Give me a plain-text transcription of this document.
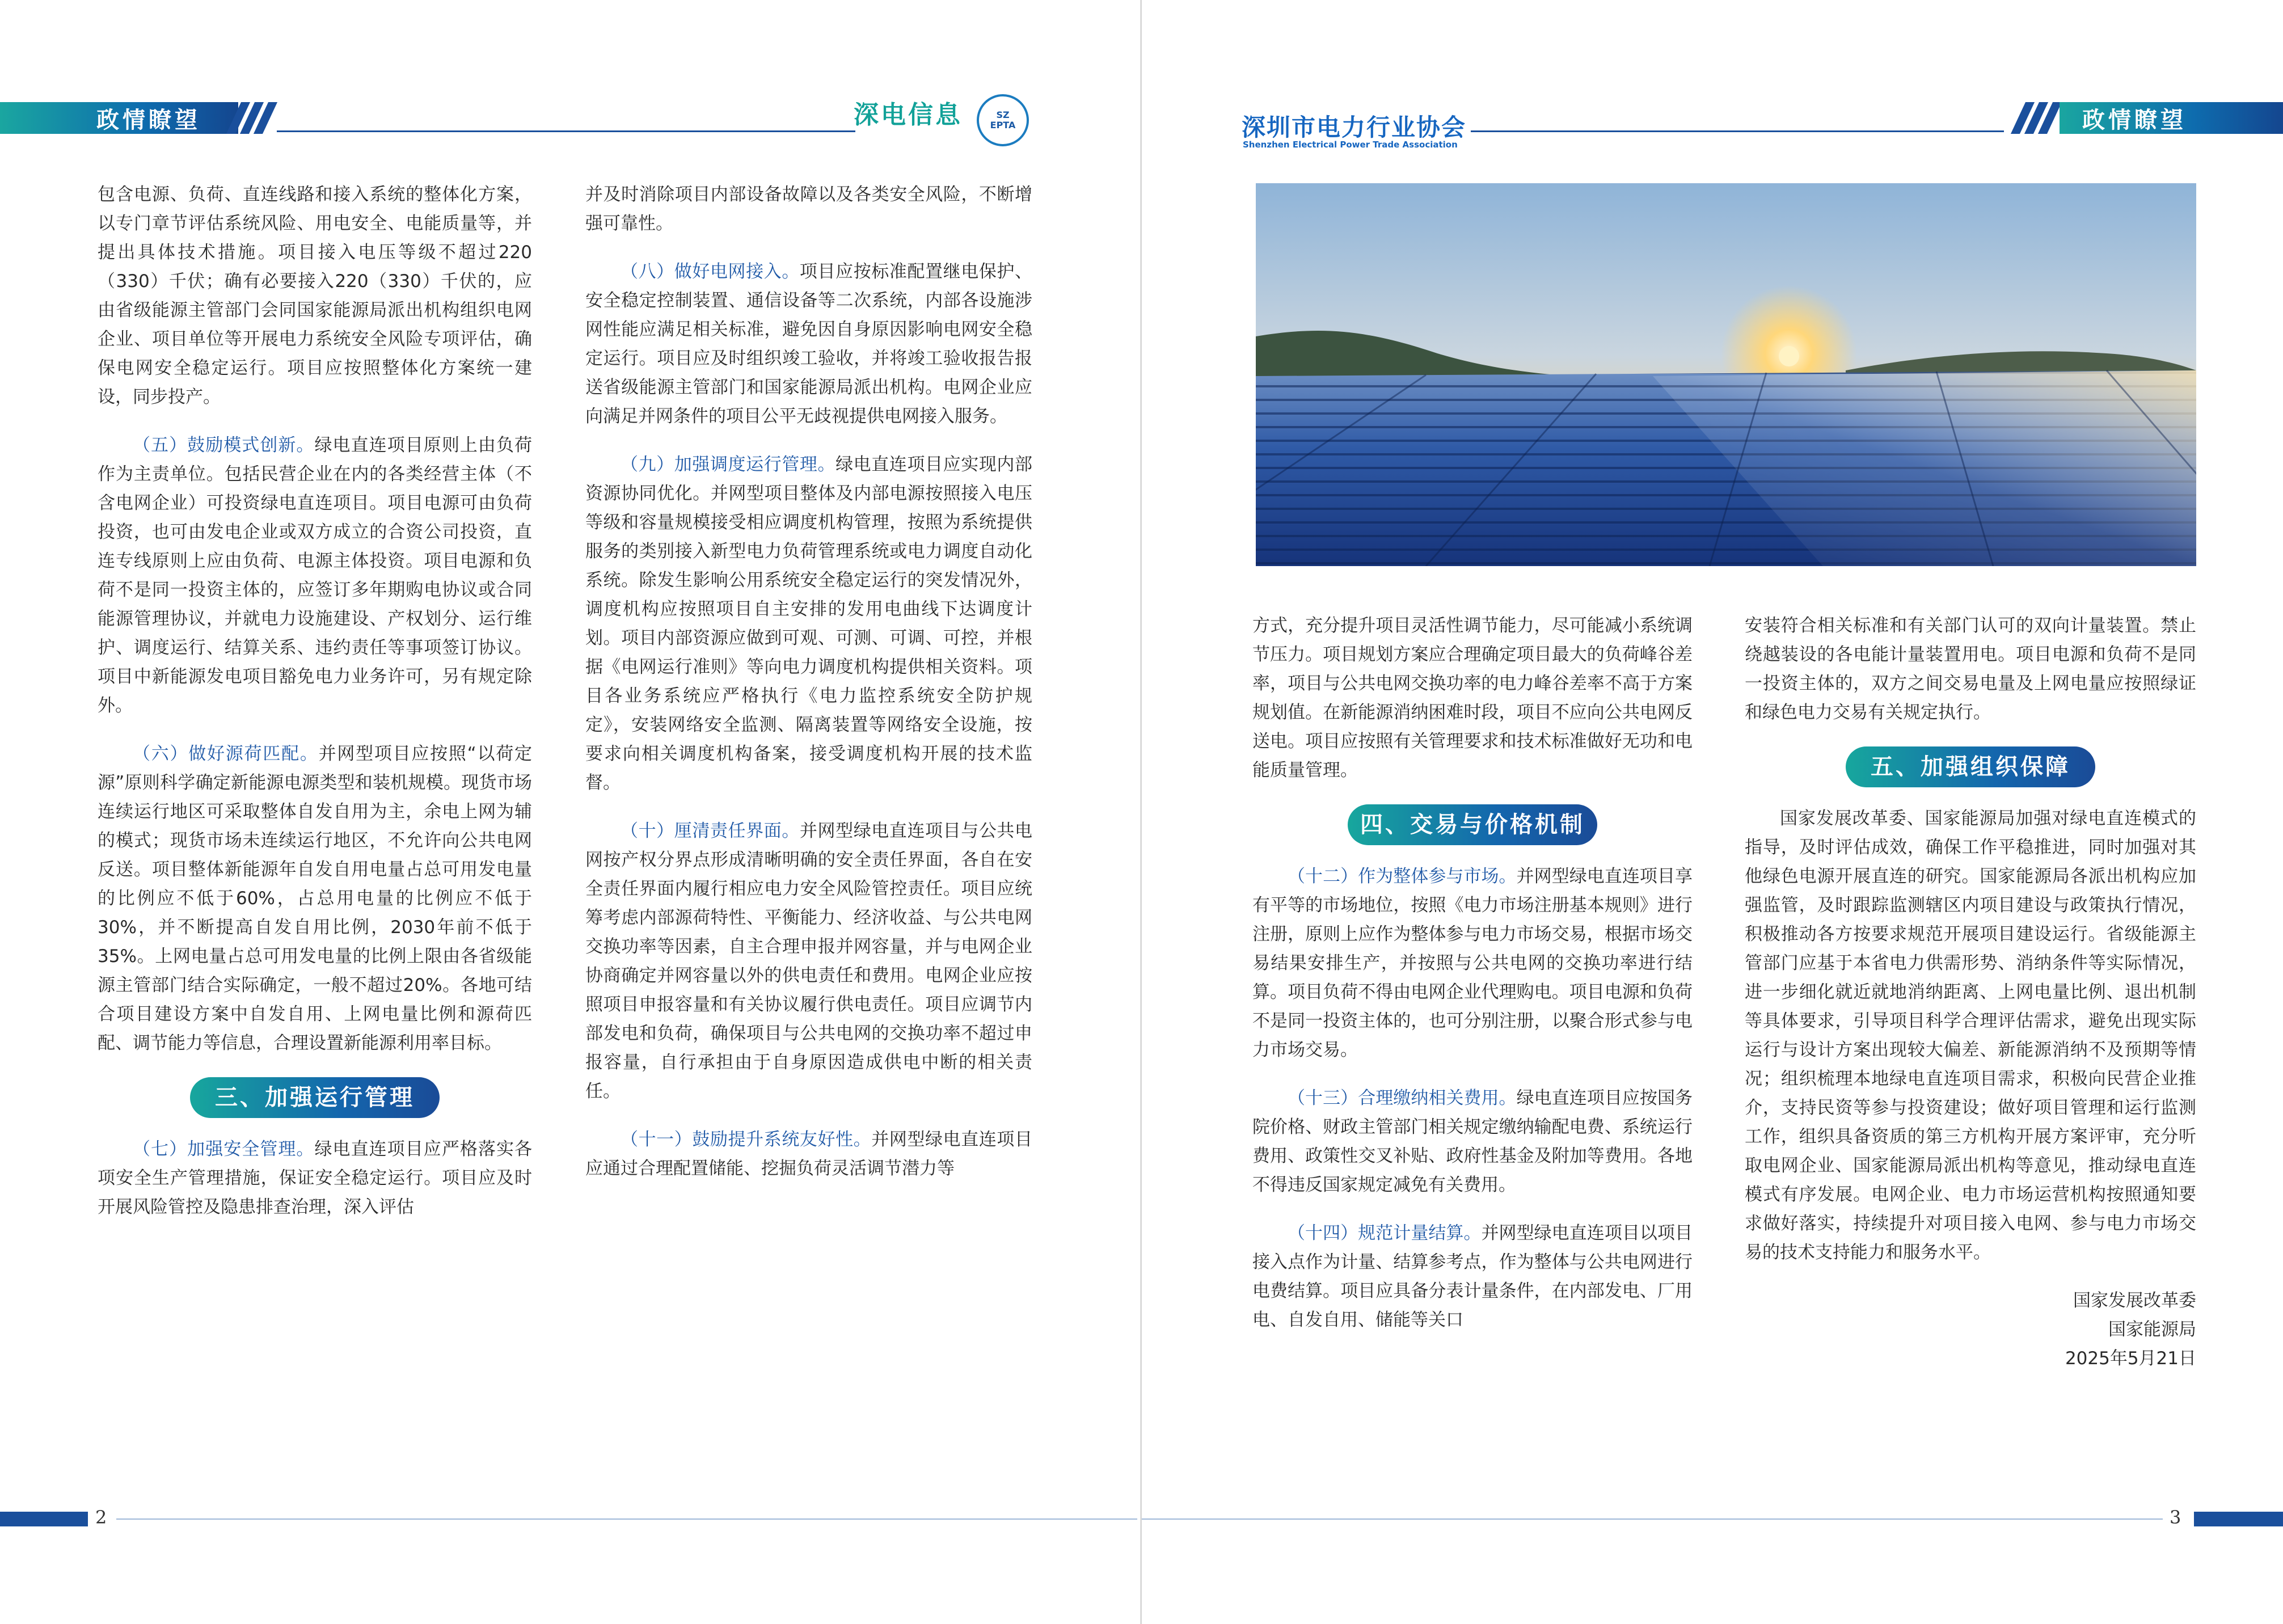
政情瞭望	深电信息	SZ
EPTA

包含电源、负荷、直连线路和接入系统的整体化方案，以专门章节评估系统风险、用电安全、电能质量等，并提出具体技术措施。项目接入电压等级不超过220（330）千伏；确有必要接入220（330）千伏的，应由省级能源主管部门会同国家能源局派出机构组织电网企业、项目单位等开展电力系统安全风险专项评估，确保电网安全稳定运行。项目应按照整体化方案统一建设，同步投产。

（五）鼓励模式创新。绿电直连项目原则上由负荷作为主责单位。包括民营企业在内的各类经营主体（不含电网企业）可投资绿电直连项目。项目电源可由负荷投资，也可由发电企业或双方成立的合资公司投资，直连专线原则上应由负荷、电源主体投资。项目电源和负荷不是同一投资主体的，应签订多年期购电协议或合同能源管理协议，并就电力设施建设、产权划分、运行维护、调度运行、结算关系、违约责任等事项签订协议。项目中新能源发电项目豁免电力业务许可，另有规定除外。

（六）做好源荷匹配。并网型项目应按照“以荷定源”原则科学确定新能源电源类型和装机规模。现货市场连续运行地区可采取整体自发自用为主，余电上网为辅的模式；现货市场未连续运行地区，不允许向公共电网反送。项目整体新能源年自发自用电量占总可用发电量的比例应不低于60%，占总用电量的比例应不低于30%，并不断提高自发自用比例，2030年前不低于35%。上网电量占总可用发电量的比例上限由各省级能源主管部门结合实际确定，一般不超过20%。各地可结合项目建设方案中自发自用、上网电量比例和源荷匹配、调节能力等信息，合理设置新能源利用率目标。

三、加强运行管理

（七）加强安全管理。绿电直连项目应严格落实各项安全生产管理措施，保证安全稳定运行。项目应及时开展风险管控及隐患排查治理，深入评估

并及时消除项目内部设备故障以及各类安全风险，不断增强可靠性。

（八）做好电网接入。项目应按标准配置继电保护、安全稳定控制装置、通信设备等二次系统，内部各设施涉网性能应满足相关标准，避免因自身原因影响电网安全稳定运行。项目应及时组织竣工验收，并将竣工验收报告报送省级能源主管部门和国家能源局派出机构。电网企业应向满足并网条件的项目公平无歧视提供电网接入服务。

（九）加强调度运行管理。绿电直连项目应实现内部资源协同优化。并网型项目整体及内部电源按照接入电压等级和容量规模接受相应调度机构管理，按照为系统提供服务的类别接入新型电力负荷管理系统或电力调度自动化系统。除发生影响公用系统安全稳定运行的突发情况外，调度机构应按照项目自主安排的发用电曲线下达调度计划。项目内部资源应做到可观、可测、可调、可控，并根据《电网运行准则》等向电力调度机构提供相关资料。项目各业务系统应严格执行《电力监控系统安全防护规定》，安装网络安全监测、隔离装置等网络安全设施，按要求向相关调度机构备案，接受调度机构开展的技术监督。

（十）厘清责任界面。并网型绿电直连项目与公共电网按产权分界点形成清晰明确的安全责任界面，各自在安全责任界面内履行相应电力安全风险管控责任。项目应统筹考虑内部源荷特性、平衡能力、经济收益、与公共电网交换功率等因素，自主合理申报并网容量，并与电网企业协商确定并网容量以外的供电责任和费用。电网企业应按照项目申报容量和有关协议履行供电责任。项目应调节内部发电和负荷，确保项目与公共电网的交换功率不超过申报容量，自行承担由于自身原因造成供电中断的相关责任。

（十一）鼓励提升系统友好性。并网型绿电直连项目应通过合理配置储能、挖掘负荷灵活调节潜力等

2
深圳市电力行业协会
Shenzhen Electrical Power Trade Association
政情瞭望
3

方式，充分提升项目灵活性调节能力，尽可能减小系统调节压力。项目规划方案应合理确定项目最大的负荷峰谷差率，项目与公共电网交换功率的电力峰谷差率不高于方案规划值。在新能源消纳困难时段，项目不应向公共电网反送电。项目应按照有关管理要求和技术标准做好无功和电能质量管理。

四、交易与价格机制

（十二）作为整体参与市场。并网型绿电直连项目享有平等的市场地位，按照《电力市场注册基本规则》进行注册，原则上应作为整体参与电力市场交易，根据市场交易结果安排生产，并按照与公共电网的交换功率进行结算。项目负荷不得由电网企业代理购电。项目电源和负荷不是同一投资主体的，也可分别注册，以聚合形式参与电力市场交易。

（十三）合理缴纳相关费用。绿电直连项目应按国务院价格、财政主管部门相关规定缴纳输配电费、系统运行费用、政策性交叉补贴、政府性基金及附加等费用。各地不得违反国家规定减免有关费用。

（十四）规范计量结算。并网型绿电直连项目以项目接入点作为计量、结算参考点，作为整体与公共电网进行电费结算。项目应具备分表计量条件，在内部发电、厂用电、自发自用、储能等关口

安装符合相关标准和有关部门认可的双向计量装置。禁止绕越装设的各电能计量装置用电。项目电源和负荷不是同一投资主体的，双方之间交易电量及上网电量应按照绿证和绿色电力交易有关规定执行。

五、加强组织保障

国家发展改革委、国家能源局加强对绿电直连模式的指导，及时评估成效，确保工作平稳推进，同时加强对其他绿色电源开展直连的研究。国家能源局各派出机构应加强监管，及时跟踪监测辖区内项目建设与政策执行情况，积极推动各方按要求规范开展项目建设运行。省级能源主管部门应基于本省电力供需形势、消纳条件等实际情况，进一步细化就近就地消纳距离、上网电量比例、退出机制等具体要求，引导项目科学合理评估需求，避免出现实际运行与设计方案出现较大偏差、新能源消纳不及预期等情况；组织梳理本地绿电直连项目需求，积极向民营企业推介，支持民资等参与投资建设；做好项目管理和运行监测工作，组织具备资质的第三方机构开展方案评审，充分听取电网企业、国家能源局派出机构等意见，推动绿电直连模式有序发展。电网企业、电力市场运营机构按照通知要求做好落实，持续提升对项目接入电网、参与电力市场交易的技术支持能力和服务水平。

国家发展改革委
国家能源局
2025年5月21日
